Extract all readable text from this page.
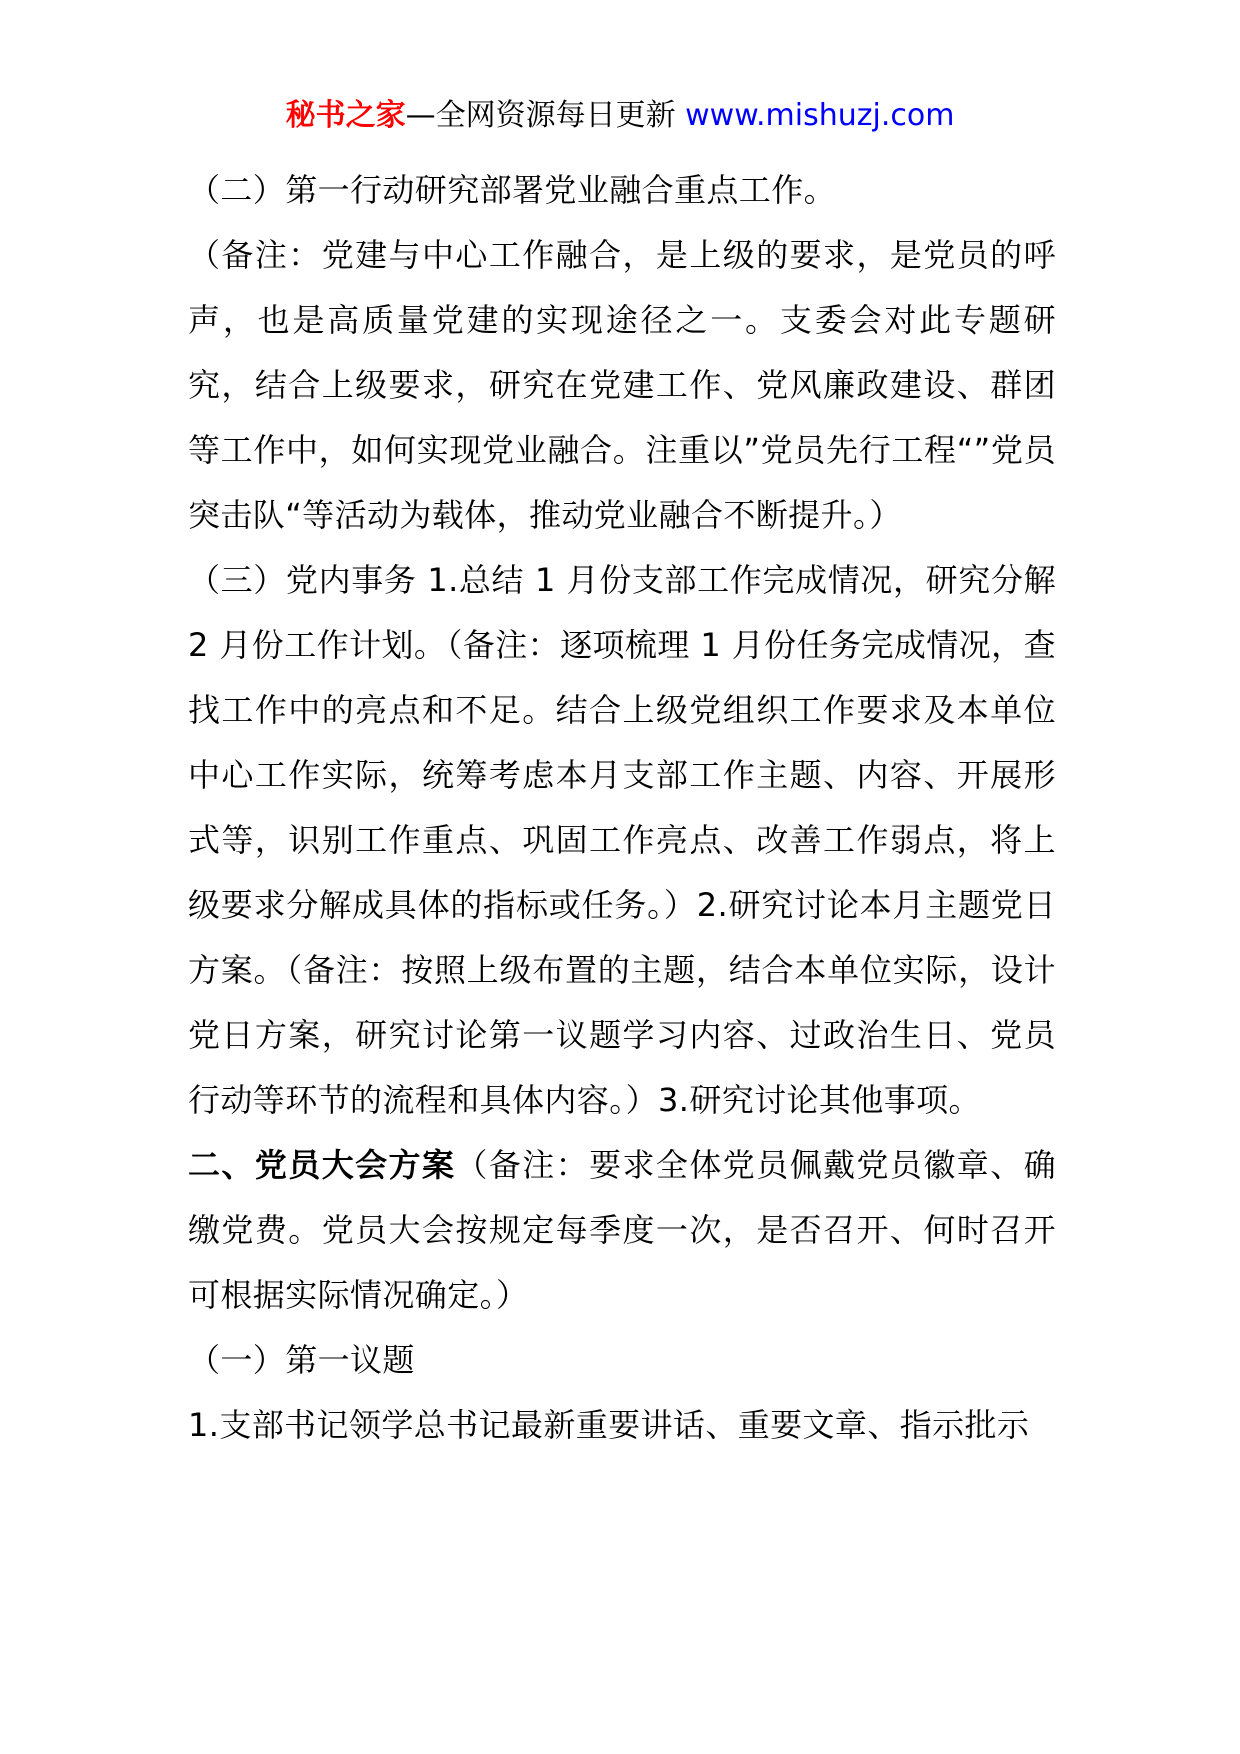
秘书之家—全网资源每日更新 www.mishuzj.com

（二）第一行动研究部署党业融合重点工作。

（备注：党建与中心工作融合，是上级的要求，是党员的呼声，也是高质量党建的实现途径之一。支委会对此专题研究，结合上级要求，研究在党建工作、党风廉政建设、群团等工作中，如何实现党业融合。注重以”党员先行工程“”党员突击队“等活动为载体，推动党业融合不断提升。）

（三）党内事务 1.总结 1 月份支部工作完成情况，研究分解 2 月份工作计划。（备注：逐项梳理 1 月份任务完成情况，查找工作中的亮点和不足。结合上级党组织工作要求及本单位中心工作实际，统筹考虑本月支部工作主题、内容、开展形式等，识别工作重点、巩固工作亮点、改善工作弱点，将上级要求分解成具体的指标或任务。）2.研究讨论本月主题党日方案。（备注：按照上级布置的主题，结合本单位实际，设计党日方案，研究讨论第一议题学习内容、过政治生日、党员行动等环节的流程和具体内容。）3.研究讨论其他事项。

二、党员大会方案（备注：要求全体党员佩戴党员徽章、确缴党费。党员大会按规定每季度一次，是否召开、何时召开可根据实际情况确定。）

（一）第一议题

1.支部书记领学总书记最新重要讲话、重要文章、指示批示
